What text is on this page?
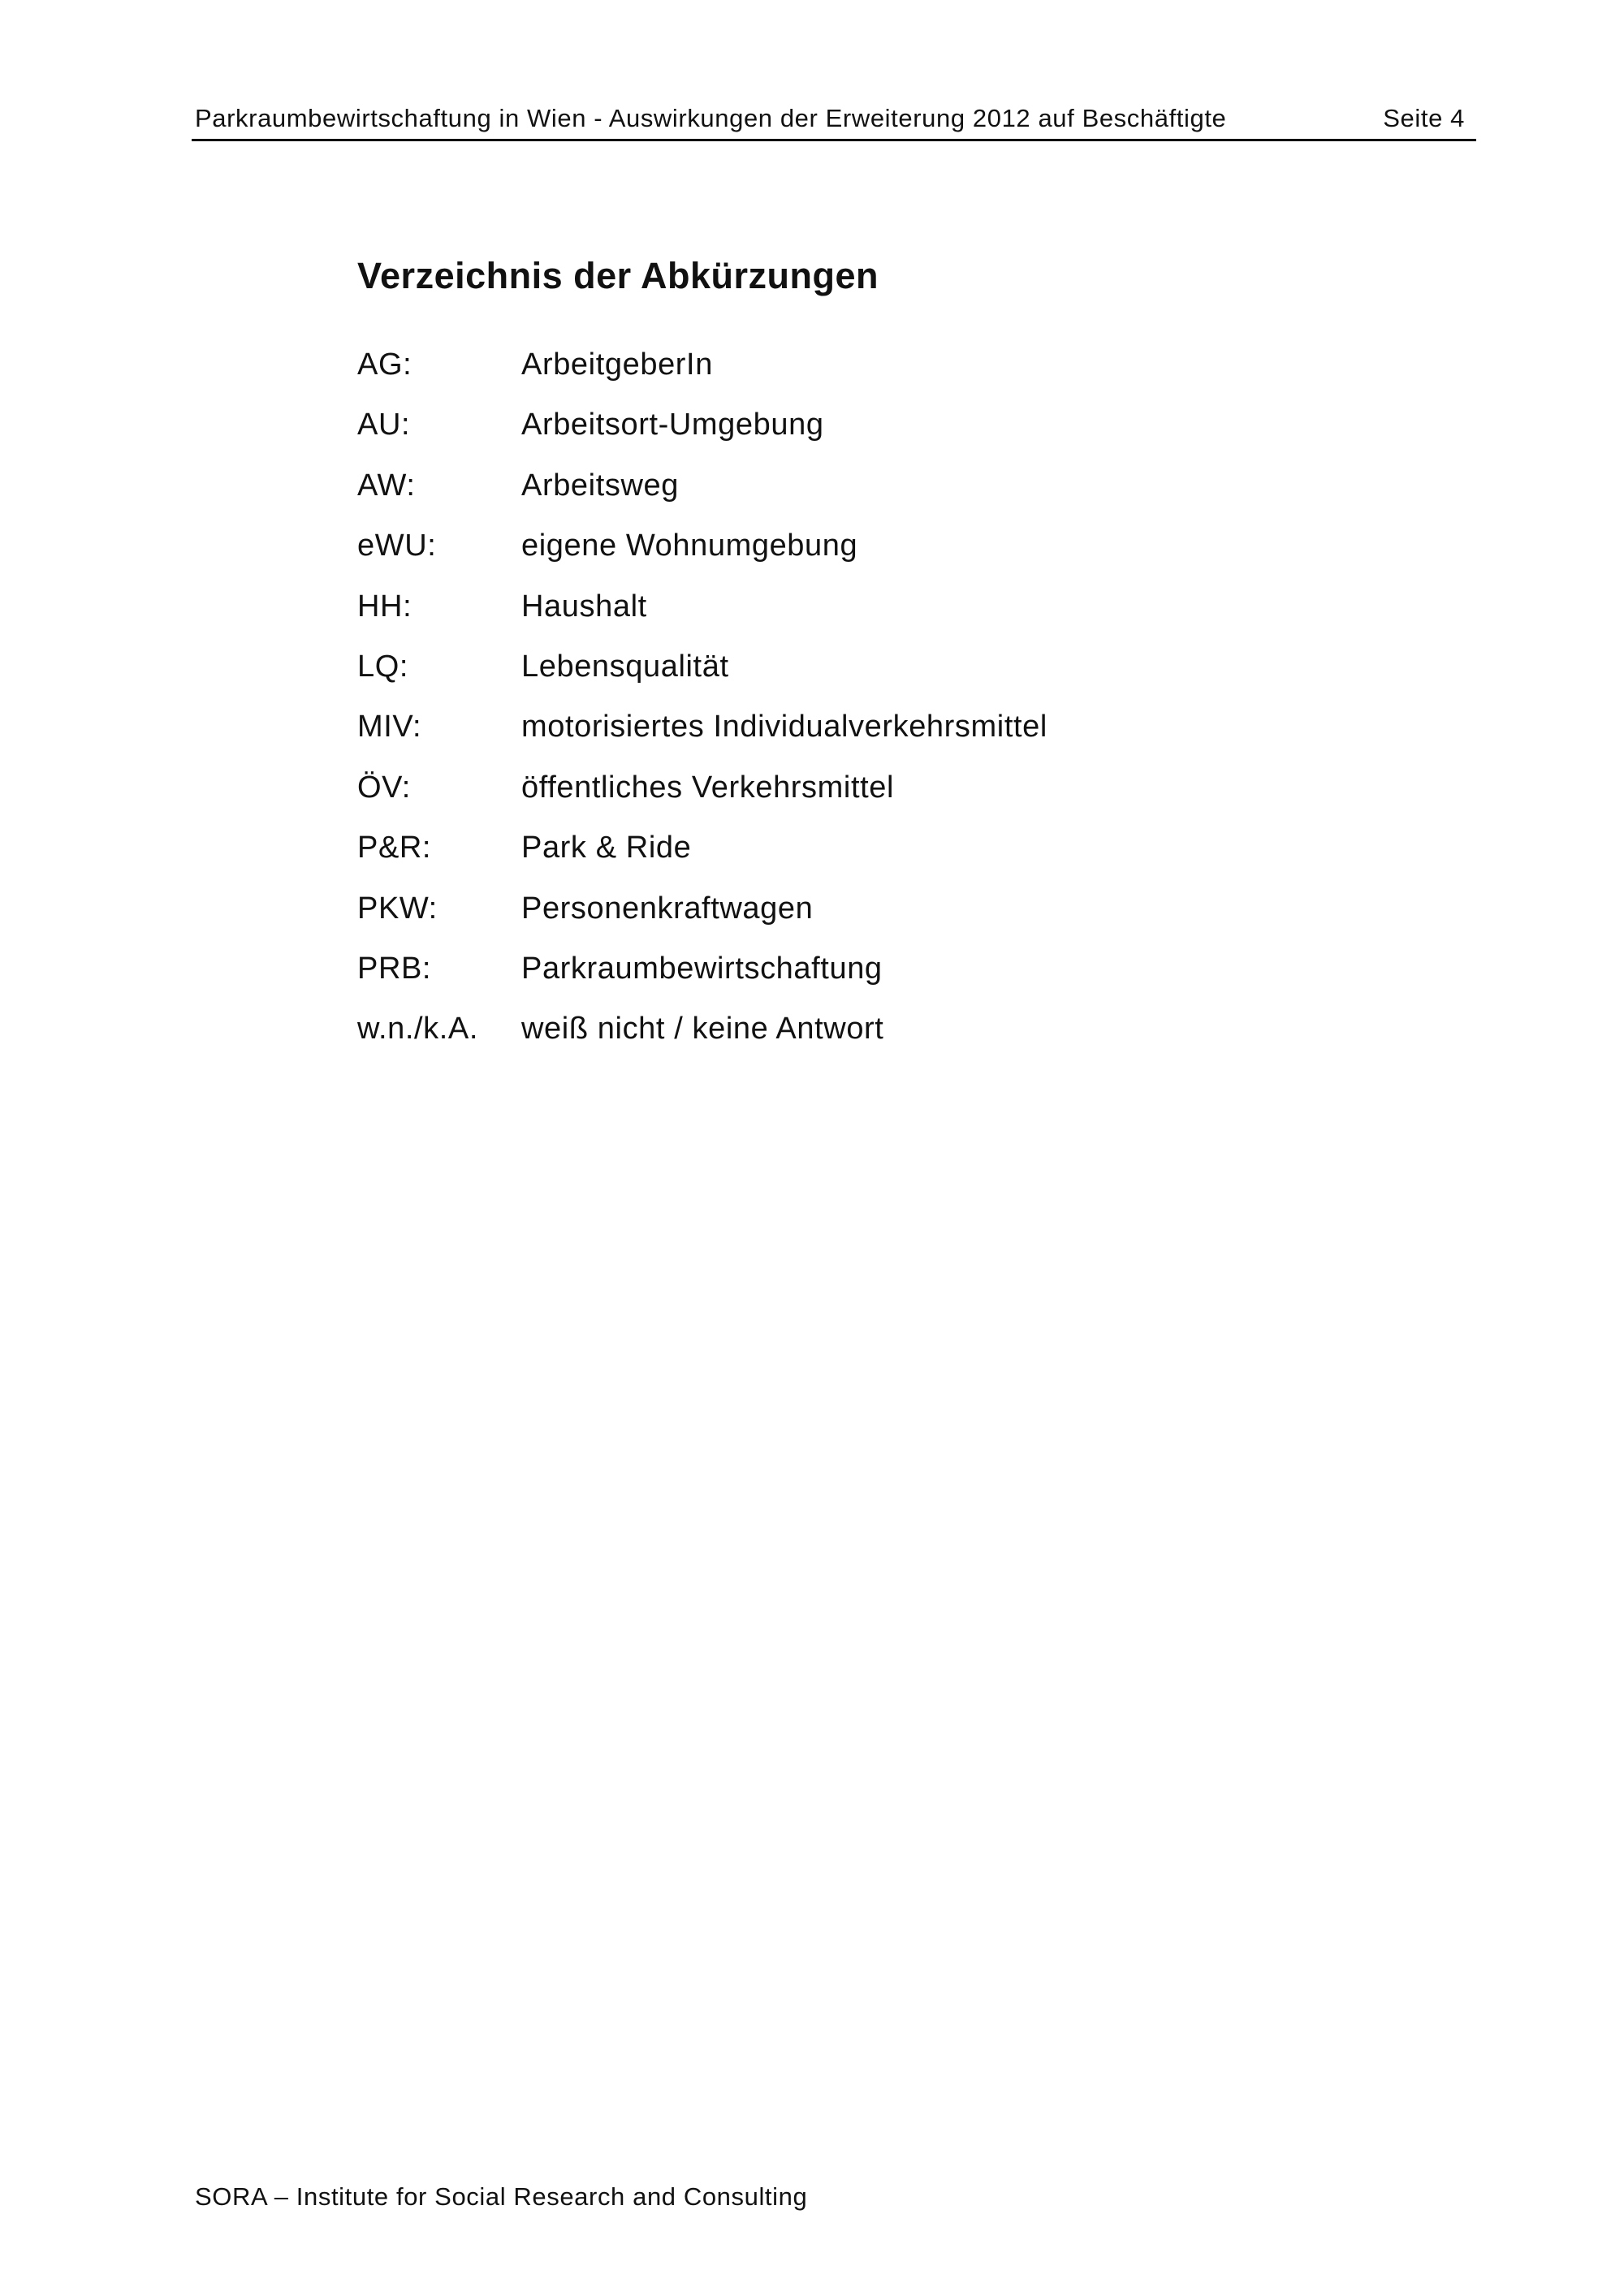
Parkraumbewirtschaftung in Wien - Auswirkungen der Erweiterung 2012 auf Beschäftigte	Seite 4
Verzeichnis der Abkürzungen
AG:	ArbeitgeberIn
AU:	Arbeitsort-Umgebung
AW:	Arbeitsweg
eWU:	eigene Wohnumgebung
HH:	Haushalt
LQ:	Lebensqualität
MIV:	motorisiertes Individualverkehrsmittel
ÖV:	öffentliches Verkehrsmittel
P&R:	Park & Ride
PKW:	Personenkraftwagen
PRB:	Parkraumbewirtschaftung
w.n./k.A. weiß nicht / keine Antwort
SORA – Institute for Social Research and Consulting
